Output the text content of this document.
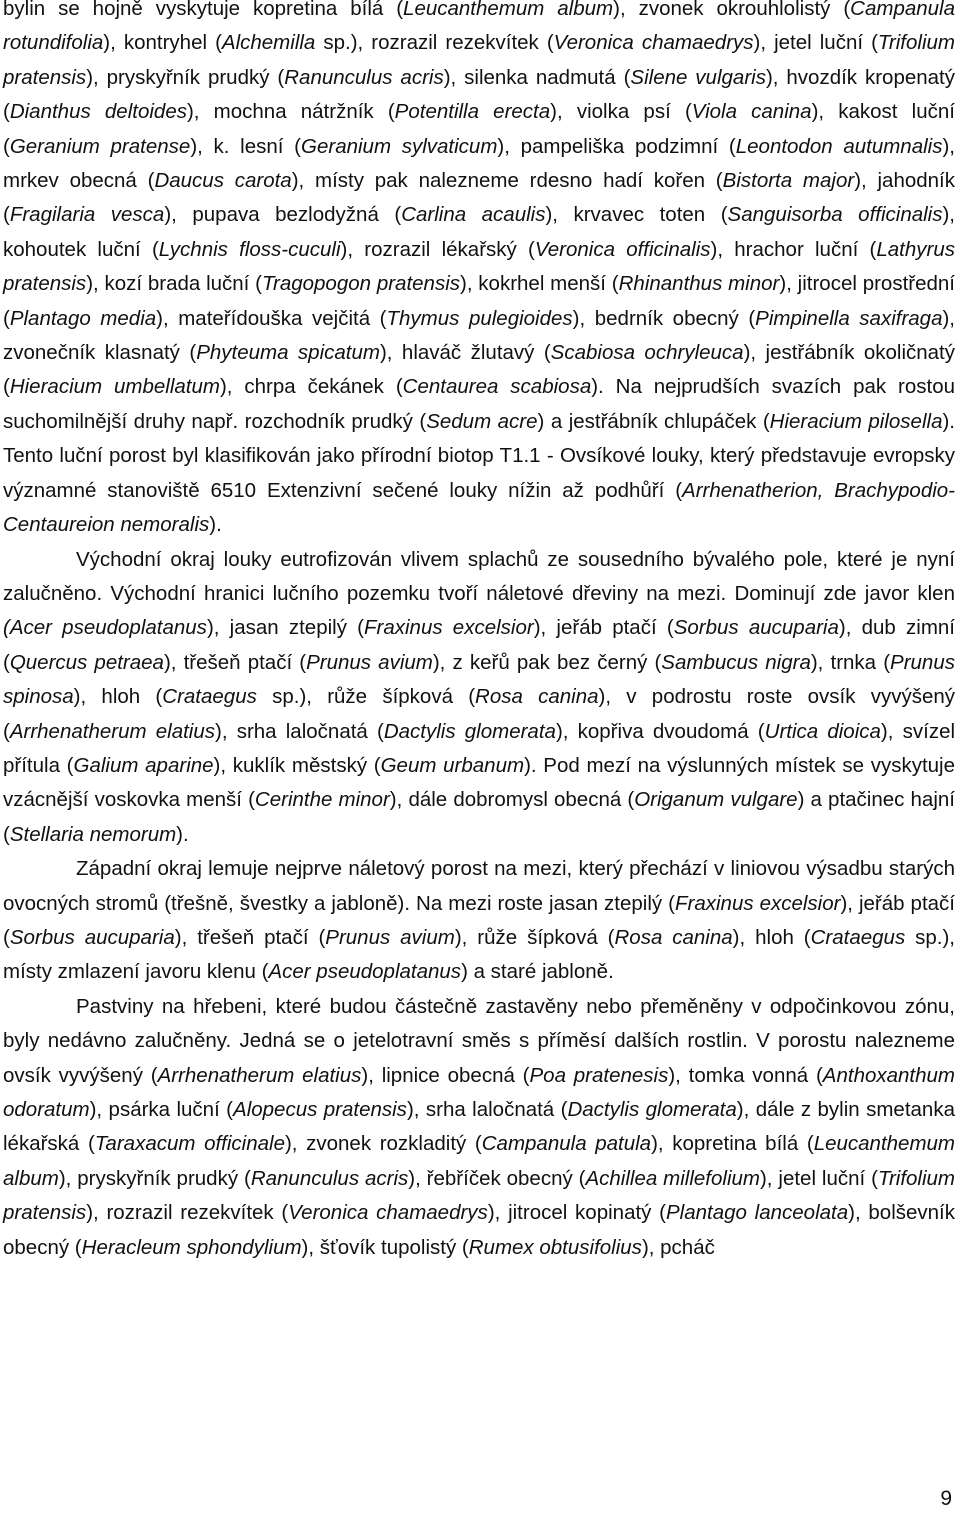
bylin se hojně vyskytuje kopretina bílá (Leucanthemum album), zvonek okrouhlolistý (Campanula rotundifolia), kontryhel (Alchemilla sp.), rozrazil rezekvítek (Veronica chamaedrys), jetel luční (Trifolium pratensis), pryskyřník prudký (Ranunculus acris), silenka nadmutá (Silene vulgaris), hvozdík kropenatý (Dianthus deltoides), mochna nátržník (Potentilla erecta), violka psí (Viola canina), kakost luční (Geranium pratense), k. lesní (Geranium sylvaticum), pampeliška podzimní (Leontodon autumnalis), mrkev obecná (Daucus carota), místy pak nalezneme rdesno hadí kořen (Bistorta major), jahodník (Fragilaria vesca), pupava bezlodyžná (Carlina acaulis), krvavec toten (Sanguisorba officinalis), kohoutek luční (Lychnis floss-cuculi), rozrazil lékařský (Veronica officinalis), hrachor luční (Lathyrus pratensis), kozí brada luční (Tragopogon pratensis), kokrhel menší (Rhinanthus minor), jitrocel prostřední (Plantago media), mateřídouška vejčitá (Thymus pulegioides), bedrník obecný (Pimpinella saxifraga), zvonečník klasnatý (Phyteuma spicatum), hlaváč žlutavý (Scabiosa ochryleuca), jestřábník okoličnatý (Hieracium umbellatum), chrpa čekánek (Centaurea scabiosa). Na nejprudších svazích pak rostou suchomilnější druhy např. rozchodník prudký (Sedum acre) a jestřábník chlupáček (Hieracium pilosella). Tento luční porost byl klasifikován jako přírodní biotop T1.1 - Ovsíkové louky, který představuje evropsky významné stanoviště 6510 Extenzivní sečené louky nížin až podhůří (Arrhenatherion, Brachypodio-Centaureion nemoralis).

Východní okraj louky eutrofizován vlivem splachů ze sousedního bývalého pole, které je nyní zalučněno. Východní hranici lučního pozemku tvoří náletové dřeviny na mezi. Dominují zde javor klen (Acer pseudoplatanus), jasan ztepilý (Fraxinus excelsior), jeřáb ptačí (Sorbus aucuparia), dub zimní (Quercus petraea), třešeň ptačí (Prunus avium), z keřů pak bez černý (Sambucus nigra), trnka (Prunus spinosa), hloh (Crataegus sp.), růže šípková (Rosa canina), v podrostu roste ovsík vyvýšený (Arrhenatherum elatius), srha laločnatá (Dactylis glomerata), kopřiva dvoudomá (Urtica dioica), svízel přítula (Galium aparine), kuklík městský (Geum urbanum). Pod mezí na výslunných místek se vyskytuje vzácnější voskovka menší (Cerinthe minor), dále dobromysl obecná (Origanum vulgare) a ptačinec hajní (Stellaria nemorum).

Západní okraj lemuje nejprve náletový porost na mezi, který přechází v liniovou výsadbu starých ovocných stromů (třešně, švestky a jabloně). Na mezi roste jasan ztepilý (Fraxinus excelsior), jeřáb ptačí (Sorbus aucuparia), třešeň ptačí (Prunus avium), růže šípková (Rosa canina), hloh (Crataegus sp.), místy zmlazení javoru klenu (Acer pseudoplatanus) a staré jabloně.

Pastviny na hřebeni, které budou částečně zastavěny nebo přeměněny v odpočinkovou zónu, byly nedávno zalučněny. Jedná se o jetelotravní směs s příměsí dalších rostlin. V porostu nalezneme ovsík vyvýšený (Arrhenatherum elatius), lipnice obecná (Poa pratenesis), tomka vonná (Anthoxanthum odoratum), psárka luční (Alopecus pratensis), srha laločnatá (Dactylis glomerata), dále z bylin smetanka lékařská (Taraxacum officinale), zvonek rozkladitý (Campanula patula), kopretina bílá (Leucanthemum album), pryskyřník prudký (Ranunculus acris), řebříček obecný (Achillea millefolium), jetel luční (Trifolium pratensis), rozrazil rezekvítek (Veronica chamaedrys), jitrocel kopinatý (Plantago lanceolata), bolševník obecný (Heracleum sphondylium), šťovík tupolistý (Rumex obtusifolius), pcháč

9
